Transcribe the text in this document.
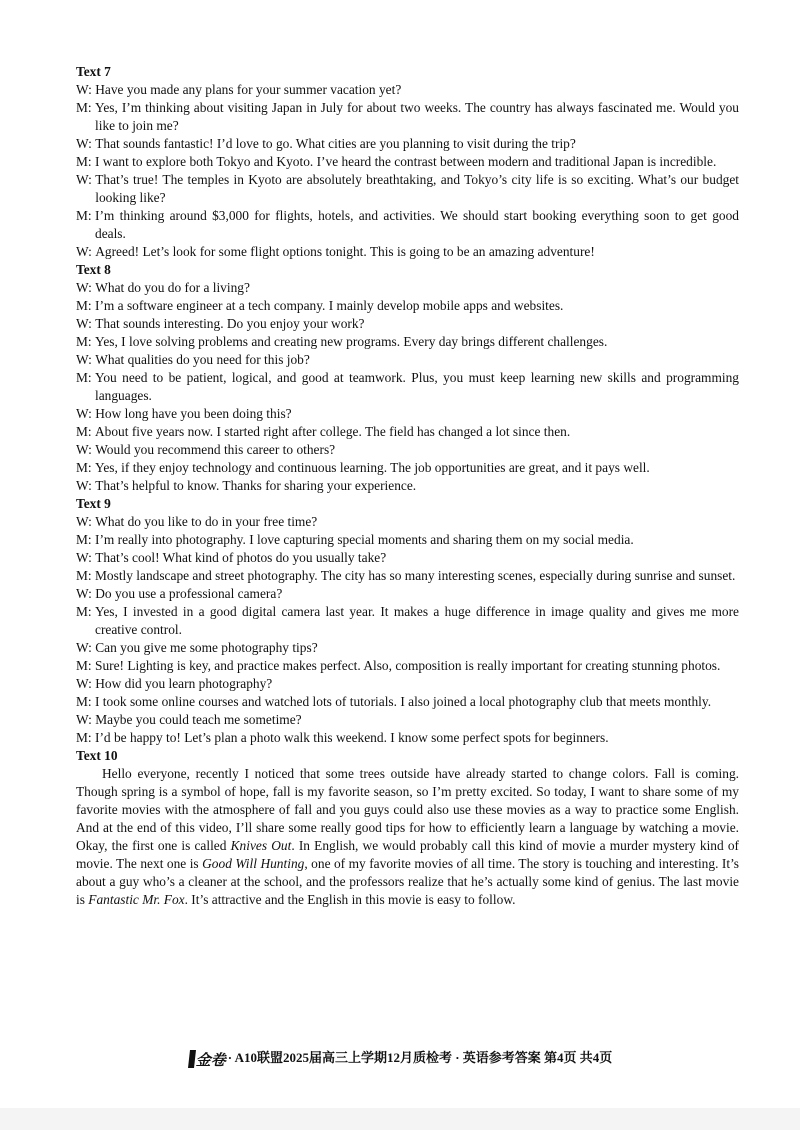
Text 7
W:
Have you made any plans for your summer vacation yet?
M:
Yes, I’m thinking about visiting Japan in July for about two weeks. The country has always fascinated me. Would you like to join me?
W:
That sounds fantastic! I’d love to go. What cities are you planning to visit during the trip?
M:
I want to explore both Tokyo and Kyoto. I’ve heard the contrast between modern and traditional Japan is incredible.
W:
That’s true! The temples in Kyoto are absolutely breathtaking, and Tokyo’s city life is so exciting. What’s our budget looking like?
M:
I’m thinking around $3,000 for flights, hotels, and activities. We should start booking everything soon to get good deals.
W:
Agreed! Let’s look for some flight options tonight. This is going to be an amazing adventure!
Text 8
W:
What do you do for a living?
M:
I’m a software engineer at a tech company. I mainly develop mobile apps and websites.
W:
That sounds interesting. Do you enjoy your work?
M:
Yes, I love solving problems and creating new programs. Every day brings different challenges.
W:
What qualities do you need for this job?
M:
You need to be patient, logical, and good at teamwork. Plus, you must keep learning new skills and programming languages.
W:
How long have you been doing this?
M:
About five years now. I started right after college. The field has changed a lot since then.
W:
Would you recommend this career to others?
M:
Yes, if they enjoy technology and continuous learning. The job opportunities are great, and it pays well.
W:
That’s helpful to know. Thanks for sharing your experience.
Text 9
W:
What do you like to do in your free time?
M:
I’m really into photography. I love capturing special moments and sharing them on my social media.
W:
That’s cool! What kind of photos do you usually take?
M:
Mostly landscape and street photography. The city has so many interesting scenes, especially during sunrise and sunset.
W:
Do you use a professional camera?
M:
Yes, I invested in a good digital camera last year. It makes a huge difference in image quality and gives me more creative control.
W:
Can you give me some photography tips?
M:
Sure! Lighting is key, and practice makes perfect. Also, composition is really important for creating stunning photos.
W:
How did you learn photography?
M:
I took some online courses and watched lots of tutorials. I also joined a local photography club that meets monthly.
W:
Maybe you could teach me sometime?
M:
I’d be happy to! Let’s plan a photo walk this weekend. I know some perfect spots for beginners.
Text 10

Hello everyone, recently I noticed that some trees outside have already started to change colors. Fall is coming. Though spring is a symbol of hope, fall is my favorite season, so I’m pretty excited. So today, I want to share some of my favorite movies with the atmosphere of fall and you guys could also use these movies as a way to practice some English. And at the end of this video, I’ll share some really good tips for how to efficiently learn a language by watching a movie. Okay, the first one is called Knives Out. In English, we would probably call this kind of movie a murder mystery kind of movie. The next one is Good Will Hunting, one of my favorite movies of all time. The story is touching and interesting. It’s about a guy who’s a cleaner at the school, and the professors realize that he’s actually some kind of genius. The last movie is Fantastic Mr. Fox. It’s attractive and the English in this movie is easy to follow.

金卷 · A10联盟2025届高三上学期12月质检考 · 英语参考答案 第4页 共4页
